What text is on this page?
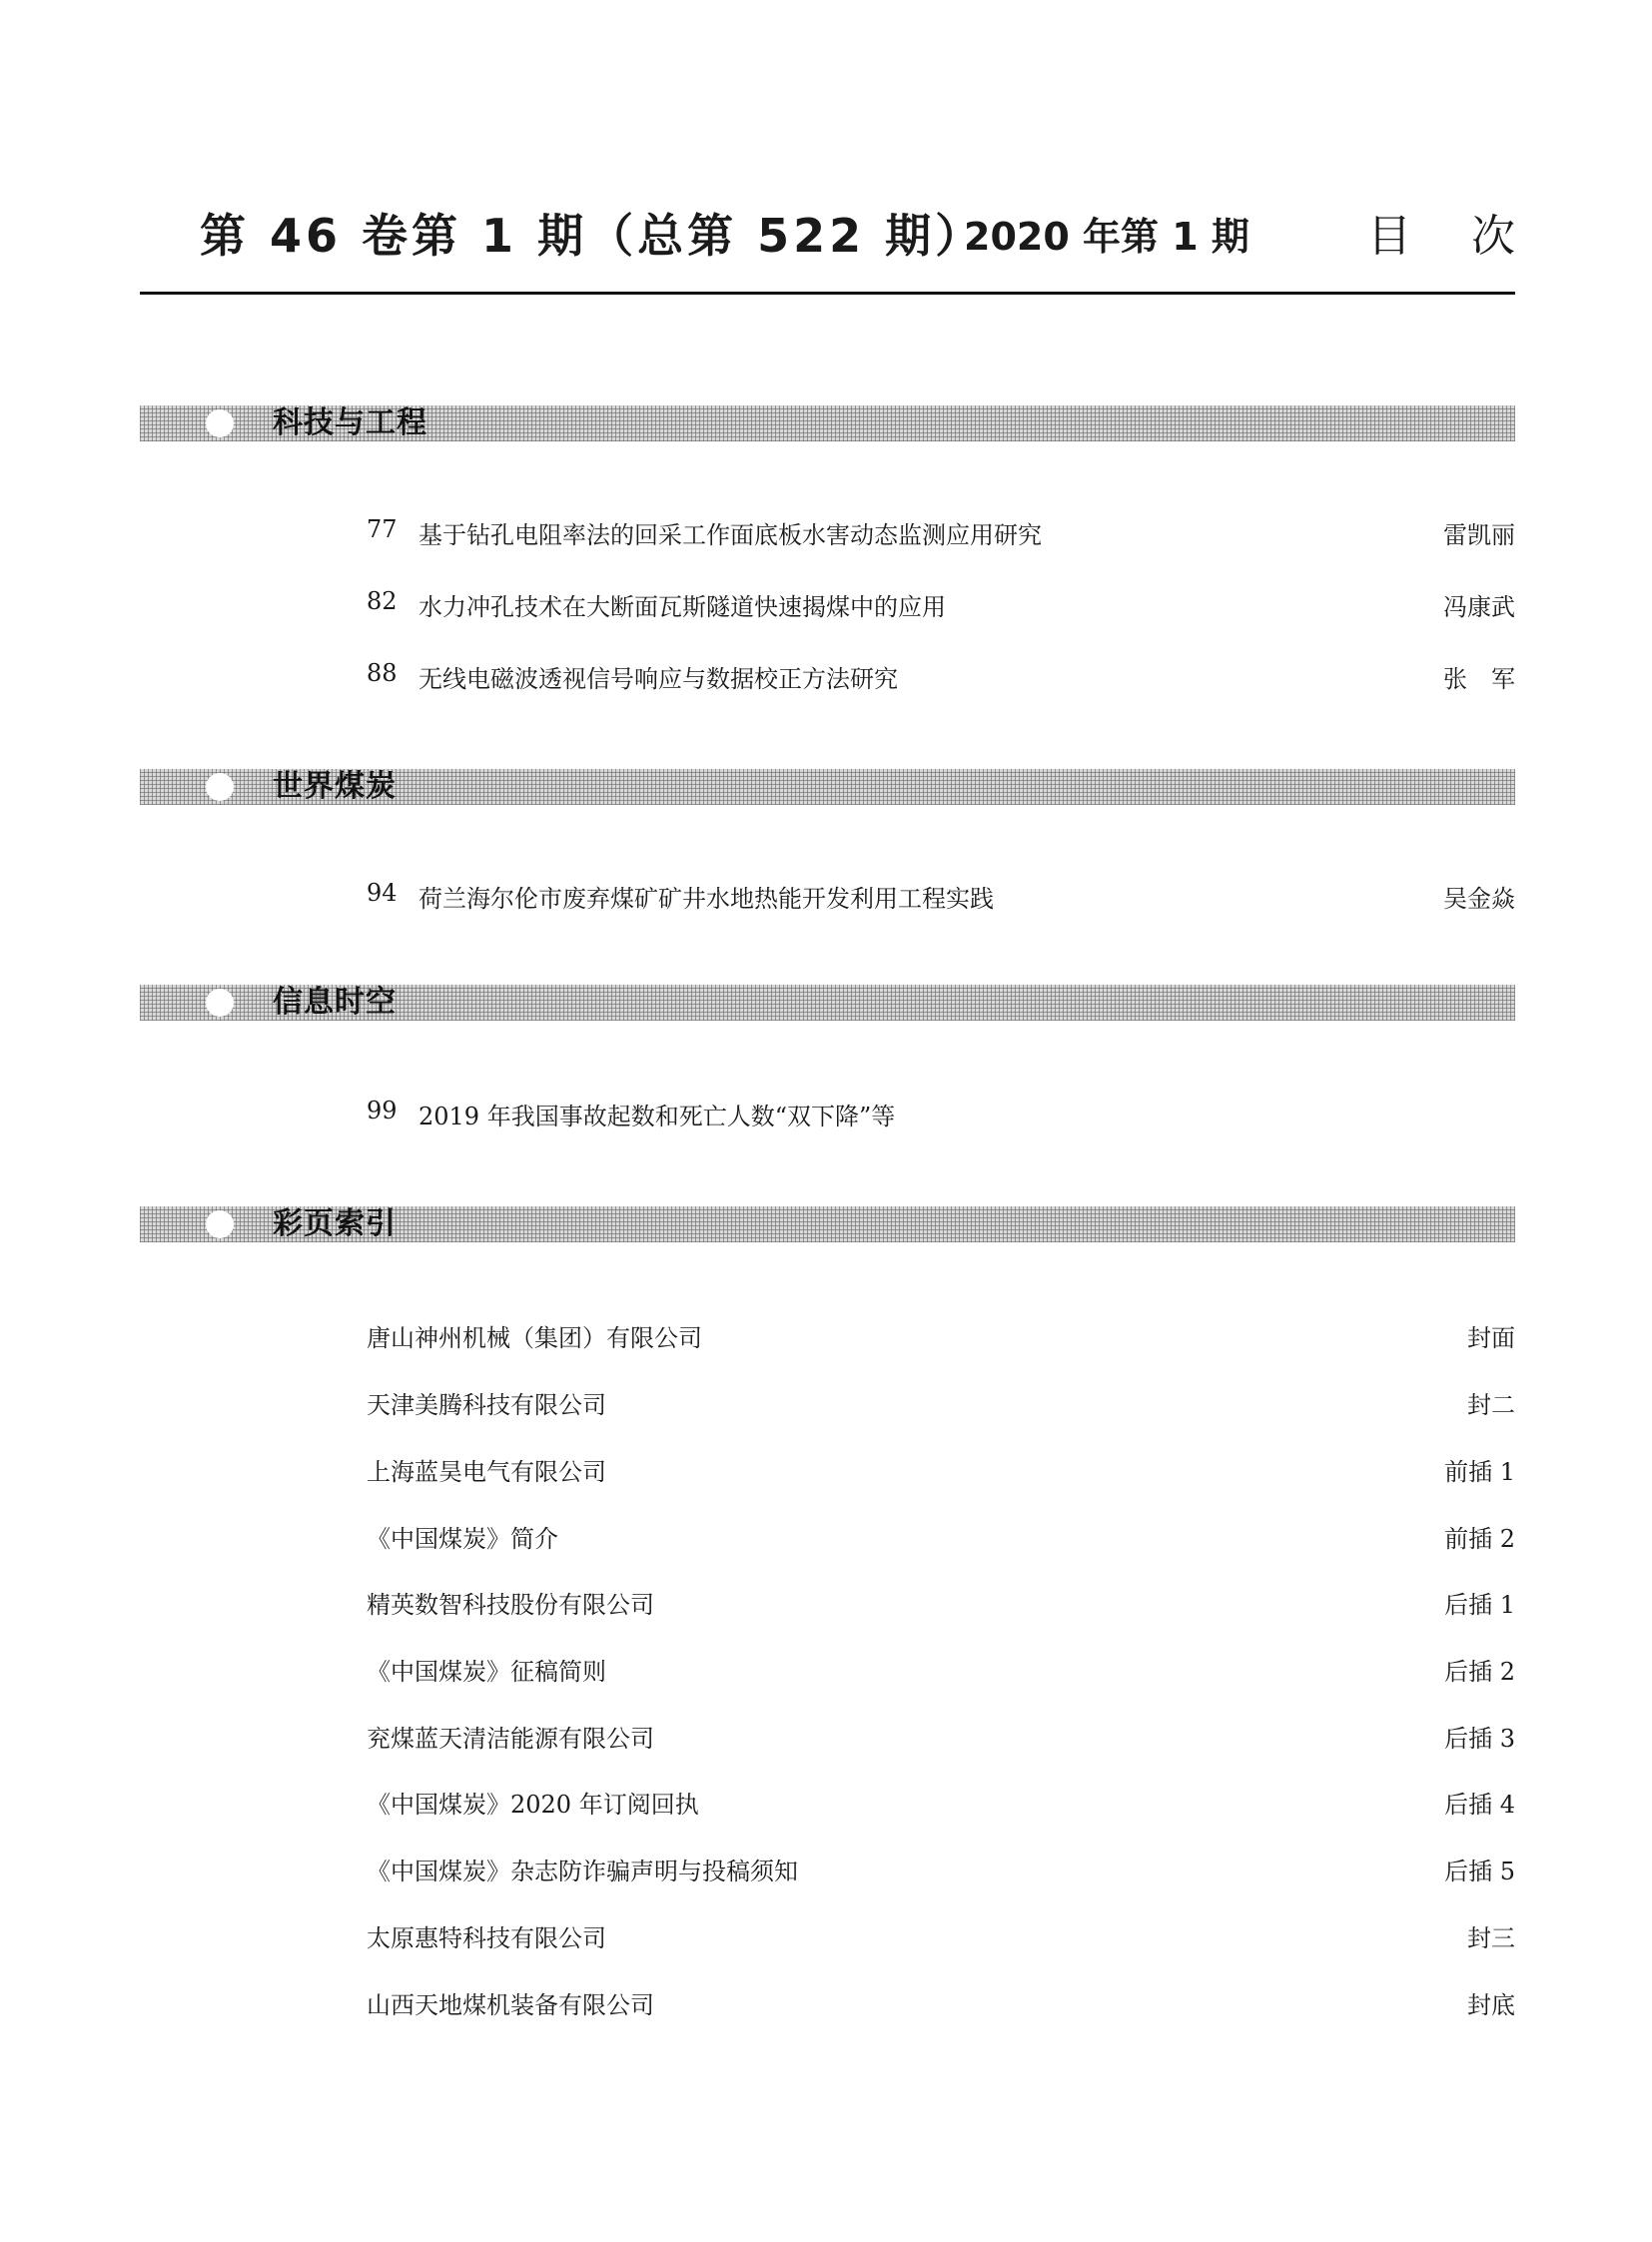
第 46 卷第 1 期（总第 522 期）
2020 年第 1 期	目次
科技与工程
77 基于钻孔电阻率法的回采工作面底板水害动态监测应用研究	雷凯丽
82 水力冲孔技术在大断面瓦斯隧道快速揭煤中的应用	冯康武
88 无线电磁波透视信号响应与数据校正方法研究	张　军
世界煤炭
94 荷兰海尔伦市废弃煤矿矿井水地热能开发利用工程实践	吴金焱
信息时空
99 2019 年我国事故起数和死亡人数“双下降”等
彩页索引
唐山神州机械（集团）有限公司	封面
天津美腾科技有限公司	封二
上海蓝昊电气有限公司	前插 1
《中国煤炭》简介	前插 2
精英数智科技股份有限公司	后插 1
《中国煤炭》征稿简则	后插 2
兖煤蓝天清洁能源有限公司	后插 3
《中国煤炭》2020 年订阅回执	后插 4
《中国煤炭》杂志防诈骗声明与投稿须知	后插 5
太原惠特科技有限公司	封三
山西天地煤机装备有限公司	封底
